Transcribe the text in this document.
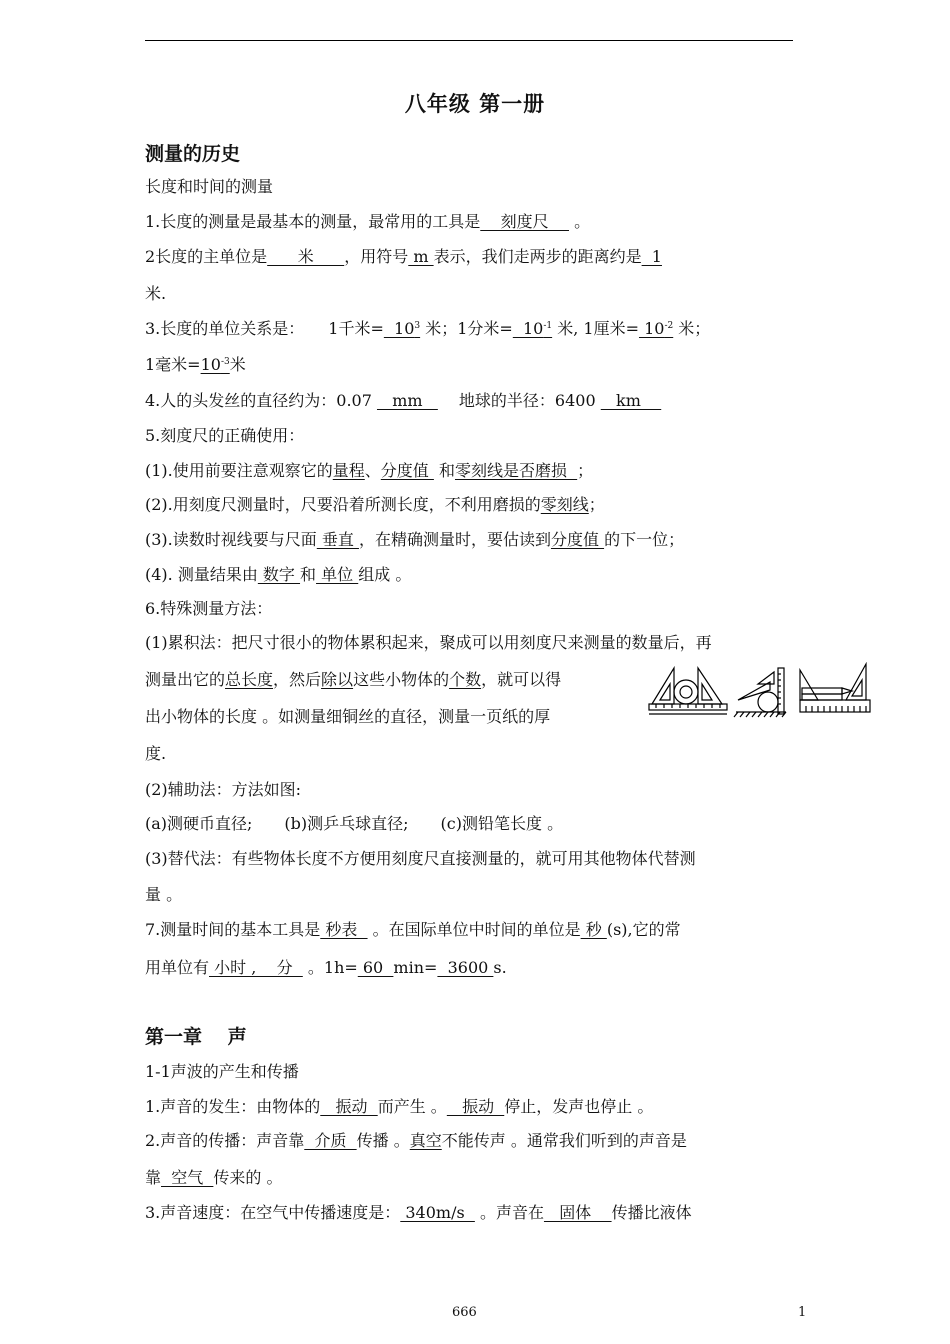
八年级 第一册
测量的历史
长度和时间的测量
1.长度的测量是最基本的测量，最常用的工具是    刻度尺     。
2长度的主单位是      米      ，用符号 m 表示，我们走两步的距离约是  1
米.
3.长度的单位关系是：　　1千米=  $10^3$ 米；1分米=  $10^{-1}$ 米, 1厘米= $10^{-2}$ 米；
1毫米$=10^{-3}$米
4.人的头发丝的直径约为：0.07    mm   　 地球的半径：6400    km
5.刻度尺的正确使用：
(1).使用前要注意观察它的量程、分度值  和零刻线是否磨损  ；
(2).用刻度尺测量时，尺要沿着所测长度，不利用磨损的零刻线；
(3).读数时视线要与尺面 垂直 ，在精确测量时，要估读到分度值 的下一位；
(4). 测量结果由 数字 和 单位 组成 。
6.特殊测量方法：
(1)累积法：把尺寸很小的物体累积起来，聚成可以用刻度尺来测量的数量后，再
测量出它的总长度，然后除以这些小物体的个数，就可以得
出小物体的长度 。如测量细铜丝的直径，测量一页纸的厚
度.
(2)辅助法：方法如图:
(a)测硬币直径;　　(b)测乒乓球直径;　　(c)测铅笔长度 。
(3)替代法：有些物体长度不方便用刻度尺直接测量的，就可用其他物体代替测
量 。
7.测量时间的基本工具是 秒表   。在国际单位中时间的单位是 秒 (s),它的常
用单位有 小时 ,    分   。1h= 60  min=  3600 s.
第一章　 声
1-1声波的产生和传播
1.声音的发生：由物体的   振动  而产生 。   振动  停止，发声也停止 。
2.声音的传播：声音靠  介质  传播 。真空不能传声 。通常我们听到的声音是
靠  空气  传来的 。
3.声音速度：在空气中传播速度是： 340m/s   。声音在   固体    传播比液体
666	1
